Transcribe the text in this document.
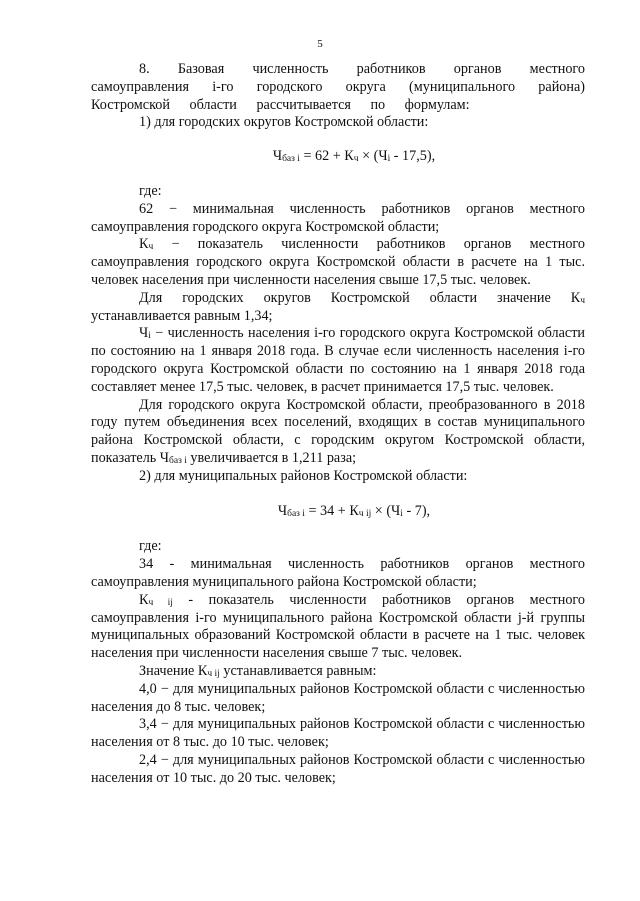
5

8. Базовая численность работников органов местного самоуправления i-го городского округа (муниципального района) Костромской области рассчитывается по формулам:

1) для городских округов Костромской области:

$Ч_{баз i} = 62 + К_ч \times (Ч_i - 17,5)$,

где:

62 − минимальная численность работников органов местного самоуправления городского округа Костромской области;

$К_ч$ − показатель численности работников органов местного самоуправления городского округа Костромской области в расчете на 1 тыс. человек населения при численности населения свыше 17,5 тыс. человек.

Для городских округов Костромской области значение $К_ч$ устанавливается равным 1,34;

$Ч_i$ − численность населения i-го городского округа Костромской области по состоянию на 1 января 2018 года. В случае если численность населения i-го городского округа Костромской области по состоянию на 1 января 2018 года составляет менее 17,5 тыс. человек, в расчет принимается 17,5 тыс. человек.

Для городского округа Костромской области, преобразованного в 2018 году путем объединения всех поселений, входящих в состав муниципального района Костромской области, с городским округом Костромской области, показатель $Ч_{баз i}$ увеличивается в 1,211 раза;

2) для муниципальных районов Костромской области:

$Ч_{баз i} = 34 + К_{ч ij} \times (Ч_i - 7)$,

где:

34 - минимальная численность работников органов местного самоуправления муниципального района Костромской области;

$К_{ч ij}$ - показатель численности работников органов местного самоуправления i-го муниципального района Костромской области j-й группы муниципальных образований Костромской области в расчете на 1 тыс. человек населения при численности населения свыше 7 тыс. человек.

Значение $К_{ч ij}$ устанавливается равным:

4,0 − для муниципальных районов Костромской области с численностью населения до 8 тыс. человек;

3,4 − для муниципальных районов Костромской области с численностью населения от 8 тыс. до 10 тыс. человек;

2,4 − для муниципальных районов Костромской области с численностью населения от 10 тыс. до 20 тыс. человек;
